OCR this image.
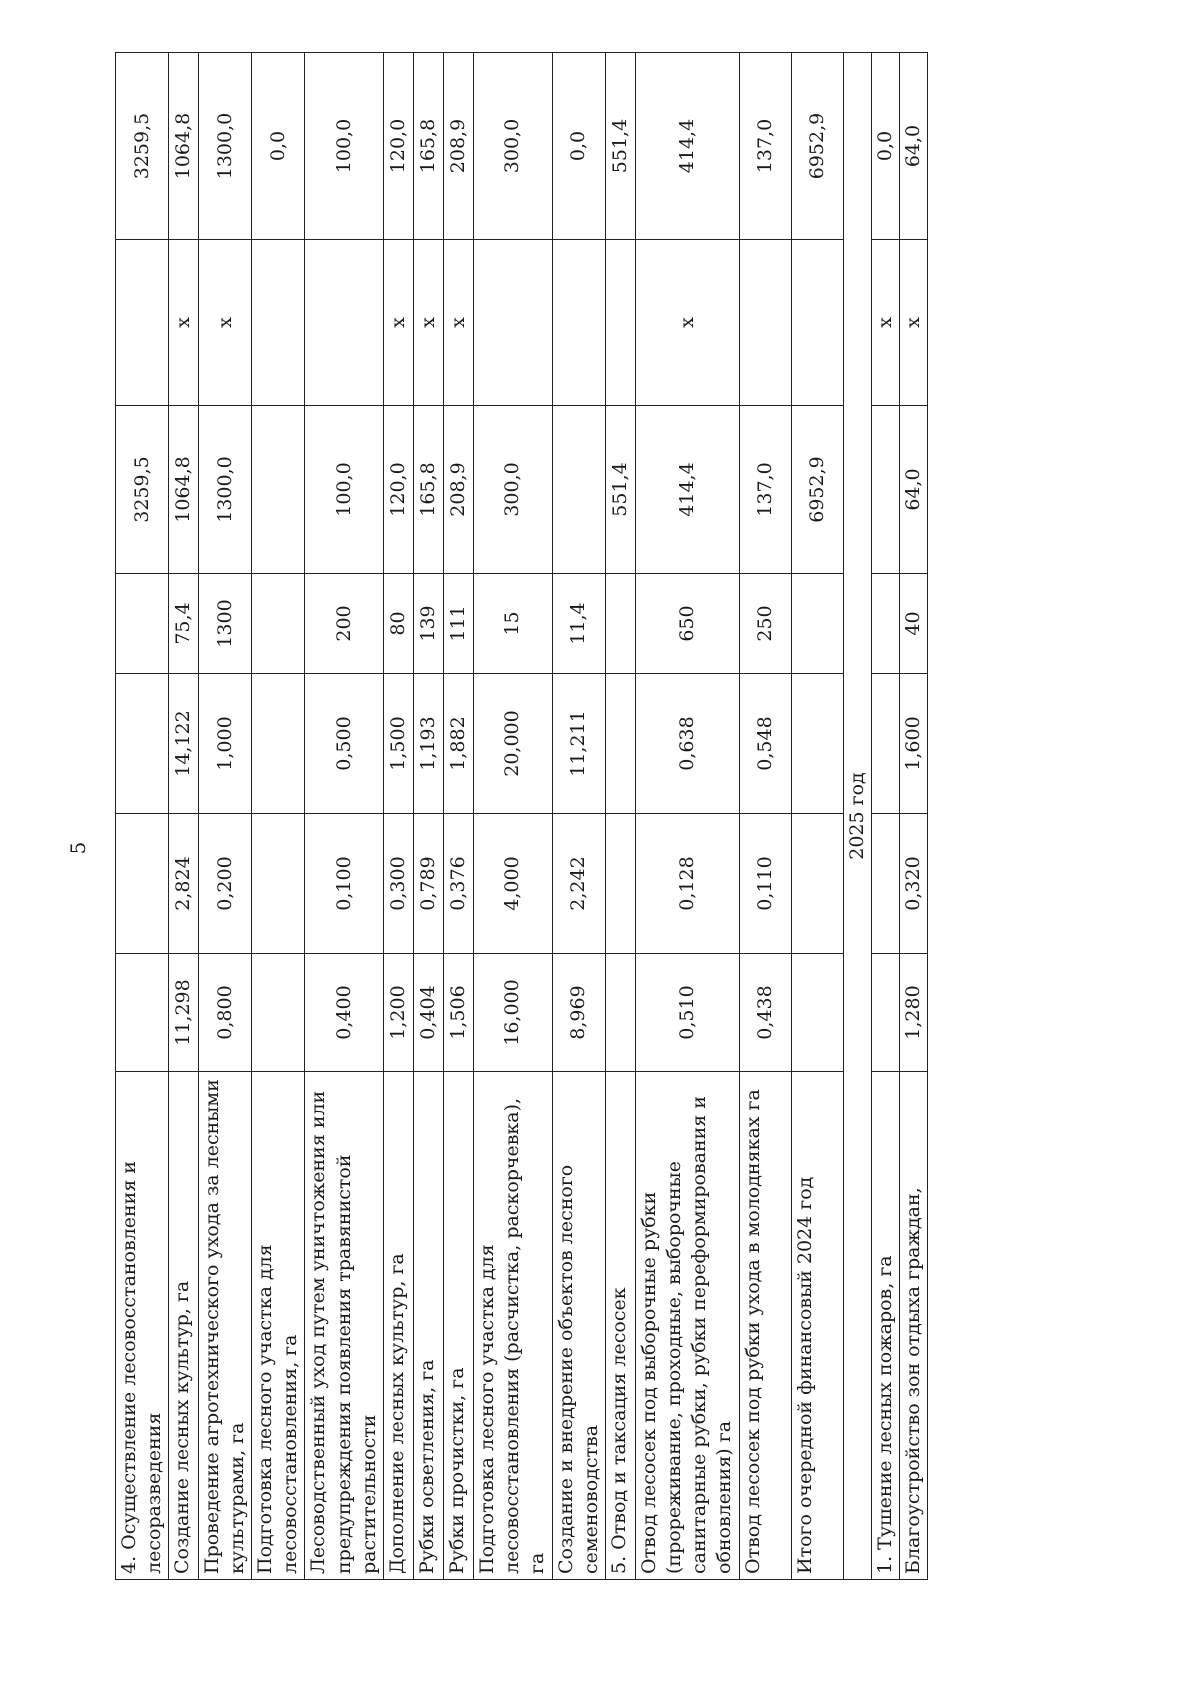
5
4. Осуществление лесовосстановления и лесоразведения					3259,5		3259,5
Создание лесных культур, га	11,298	2,824	14,122	75,4	1064,8	х	1064,8
Проведение агротехнического ухода за лесными культурами, га	0,800	0,200	1,000	1300	1300,0	х	1300,0
Подготовка лесного участка для лесовосстановления, га							0,0
Лесоводственный уход путем уничтожения или предупреждения появления травянистой растительности	0,400	0,100	0,500	200	100,0		100,0
Дополнение лесных культур, га	1,200	0,300	1,500	80	120,0	х	120,0
Рубки осветления, га	0,404	0,789	1,193	139	165,8	х	165,8
Рубки прочистки, га	1,506	0,376	1,882	111	208,9	х	208,9
Подготовка лесного участка для лесовосстановления (расчистка, раскорчевка), га	16,000	4,000	20,000	15	300,0		300,0
Создание и внедрение объектов лесного семеноводства	8,969	2,242	11,211	11,4			0,0
5. Отвод и таксация лесосек					551,4		551,4
Отвод лесосек под выборочные рубки (прореживание, проходные, выборочные санитарные рубки, рубки переформирования и обновления) га	0,510	0,128	0,638	650	414,4	х	414,4
Отвод лесосек под рубки ухода в молодняках га	0,438	0,110	0,548	250	137,0		137,0
Итого очередной финансовый 2024 год					6952,9		6952,9
2025 год							
1. Тушение лесных пожаров, га						х	0,0
Благоустройство зон отдыха граждан,	1,280	0,320	1,600	40	64,0	х	64,0
